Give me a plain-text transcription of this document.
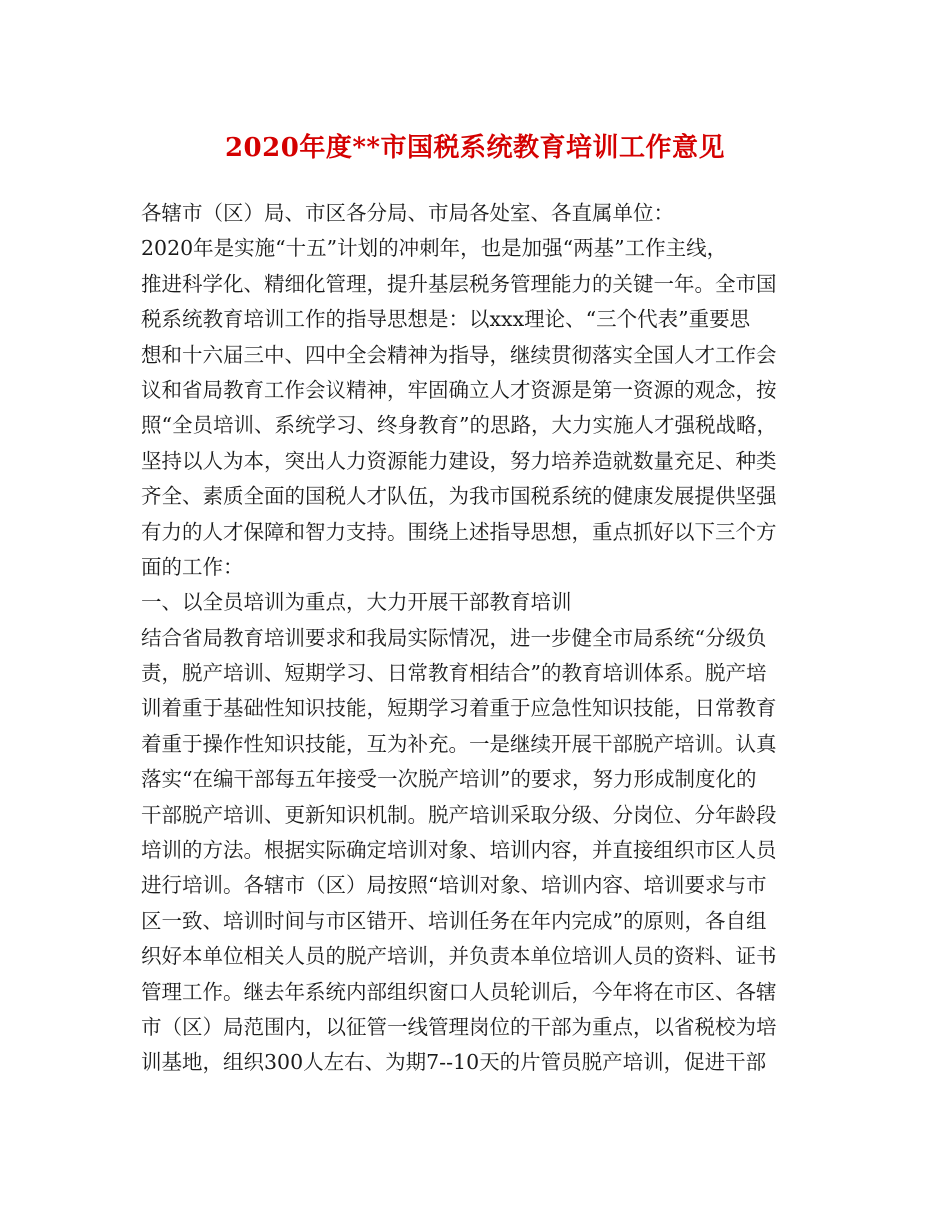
2020年度**市国税系统教育培训工作意见
各辖市（区）局、市区各分局、市局各处室、各直属单位：
2020年是实施“十五”计划的冲刺年，也是加强“两基”工作主线，
推进科学化、精细化管理，提升基层税务管理能力的关键一年。全市国
税系统教育培训工作的指导思想是：以xxx理论、“三个代表”重要思
想和十六届三中、四中全会精神为指导，继续贯彻落实全国人才工作会
议和省局教育工作会议精神，牢固确立人才资源是第一资源的观念，按
照“全员培训、系统学习、终身教育”的思路，大力实施人才强税战略，
坚持以人为本，突出人力资源能力建设，努力培养造就数量充足、种类
齐全、素质全面的国税人才队伍，为我市国税系统的健康发展提供坚强
有力的人才保障和智力支持。围绕上述指导思想，重点抓好以下三个方
面的工作：
一、以全员培训为重点，大力开展干部教育培训
结合省局教育培训要求和我局实际情况，进一步健全市局系统“分级负
责，脱产培训、短期学习、日常教育相结合”的教育培训体系。脱产培
训着重于基础性知识技能，短期学习着重于应急性知识技能，日常教育
着重于操作性知识技能，互为补充。一是继续开展干部脱产培训。认真
落实“在编干部每五年接受一次脱产培训”的要求，努力形成制度化的
干部脱产培训、更新知识机制。脱产培训采取分级、分岗位、分年龄段
培训的方法。根据实际确定培训对象、培训内容，并直接组织市区人员
进行培训。各辖市（区）局按照“培训对象、培训内容、培训要求与市
区一致、培训时间与市区错开、培训任务在年内完成”的原则，各自组
织好本单位相关人员的脱产培训，并负责本单位培训人员的资料、证书
管理工作。继去年系统内部组织窗口人员轮训后，今年将在市区、各辖
市（区）局范围内，以征管一线管理岗位的干部为重点，以省税校为培
训基地，组织300人左右、为期7--10天的片管员脱产培训，促进干部
